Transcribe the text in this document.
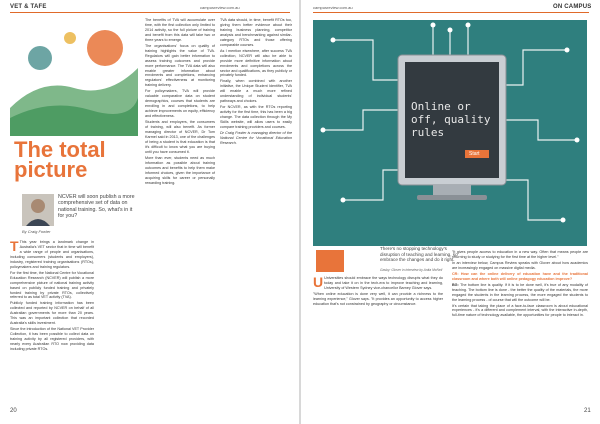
VET & TAFE	campusreview.com.au
The total picture
NCVER will soon publish a more comprehensive set of data on national training. So, what's in it for you?
By Craig Fowler

T This year brings a landmark change in Australia's VET sector that in time will benefit a wide range of people and organisations, including consumers (students and employers), industry, registered training organisations (RTOs), policymakers and training regulators.

For the first time, the National Centre for Vocational Education Research (NCVER) will publish a more comprehensive picture of national training activity based on publicly funded training and privately funded training by private RTOs, collectively referred to as total VET activity (TVA).

Publicly funded training information has been collected and reported by NCVER on behalf of all Australian governments for more than 20 years. This was an important collection that recorded Australia's skills investment.

Since the introduction of the National VET Provider Collection, it has been possible to collect data on training activity by all registered providers, with nearly every Australian RTO now providing data including private RTOs.

The benefits of TVA will accumulate over time, with the first collection only limited to 2014 activity, so the full picture of training and benefit from this data will take two or three years to emerge.

The organisations' focus on quality of training highlights the value of TVA. Regulators will gain better information to assess training outcomes and provide more performance. The TVA data will also enable greater information about enrolments and completions, enhancing regulators' effectiveness at monitoring training delivery.

For policymakers, TVA will provide valuable comparative data on student demographics, courses that students are enrolling in and completions, to help achieve improvements on equity, efficiency and effectiveness.

Students and employers, the consumers of training, will also benefit. As former managing director of NCVER, Dr Tom Karmel said in 2013, one of the challenges of being a student is that education is that it's difficult to know what you are buying until you have consumed it.

More than ever, students need as much information as possible about training outcomes and benefits to help them make informed choices, given the importance of acquiring skills for career or personally rewarding training.

TVA data should, in time, benefit RTOs too, giving them better evidence about their training business planning, competitor analysis and benchmarking against similar-category RTOs and those offering comparable courses.

As I mention elsewhere, after success TVA collection, NCVER will also be able to provide more definitive information about enrolments and completions across the sector and qualifications, as they publicly or privately funded.

Finally, when combined with another initiative, the Unique Student Identifier, TVA will enable a much more refined understanding of individual students' pathways and choices.

For NCVER, as with the RTOs reporting activity for the first time, this has been a big change. The data collection through the My Skills website, will allow users to easily compare training providers and courses.

Dr Craig Fowler is managing director of the National Centre for Vocational Education Research.

20
campusreview.com.au	ON CAMPUS
21
Online or off, quality rules
Start
There's no stopping technology's disruption of teaching and learning, so embrace the changes and do it right.
Gasby: Glover in interview by Anita McNeil

U Universities should embrace the ways technology disrupts what they do today and take it on in the tech-era to improve teaching and learning, University of Western Sydney vice-chancellor Barney Glover says.

"When online education is done very well, it can provide a richness to the learning experience," Glover says. "It provides an opportunity to access higher education that's not constrained by geography or circumstance.

"It gives people access to education in a new way. Often that means people are returning to study or studying for the first time at the higher level."

In an interview below, Campus Review speaks with Glover about how academics are increasingly engaged on massive digital media.

CR: How can the online delivery of education have and the traditional classroom and where both will online pedagogy education improve?

BG: The bottom line is quality. If it is to be done well, it's true of any modality of teaching. The bottom line is done - the better the quality of the materials, the more engaged the students in the learning process, the more engaged the students to the learning process - of course that will the outcome will be.

It's certain that taking the place of a face-to-face classroom is about educational experiences - it's a different and complement interval, with the interactive in-depth, full-time nature of technology available, the opportunities for people to interact in.
